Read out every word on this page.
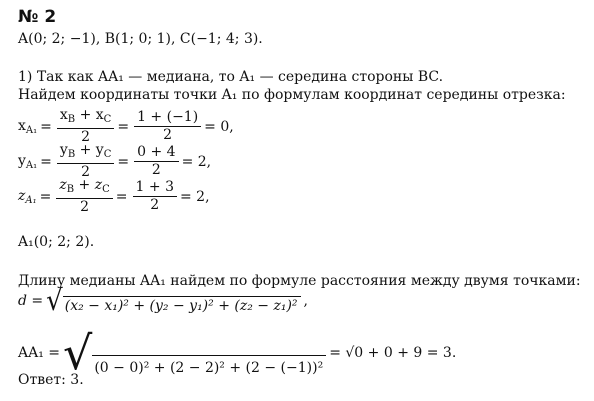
№ 2
A(0; 2; −1), B(1; 0; 1), C(−1; 4; 3).
1) Так как AA₁ — медиана, то A₁ — середина стороны BC.
Найдем координаты точки A₁ по формулам координат середины отрезка:
$x_{A_1} = \frac{x_B + x_C}{2} = \frac{1 + (-1)}{2} = 0$,
$y_{A_1} = \frac{y_B + y_C}{2} = \frac{0 + 4}{2} = 2$,
$z_{A_1} = \frac{z_B + z_C}{2} = \frac{1 + 3}{2} = 2$,
A₁(0; 2; 2).
Длину медианы AA₁ найдем по формуле расстояния между двумя точками:
d = √ (x₂ − x₁)² + (y₂ − y₁)² + (z₂ − z₁)² ,
AA₁ = √ (0 − 0)² + (2 − 2)² + (2 − (−1))²
= √0 + 0 + 9 = 3.
Ответ: 3.
